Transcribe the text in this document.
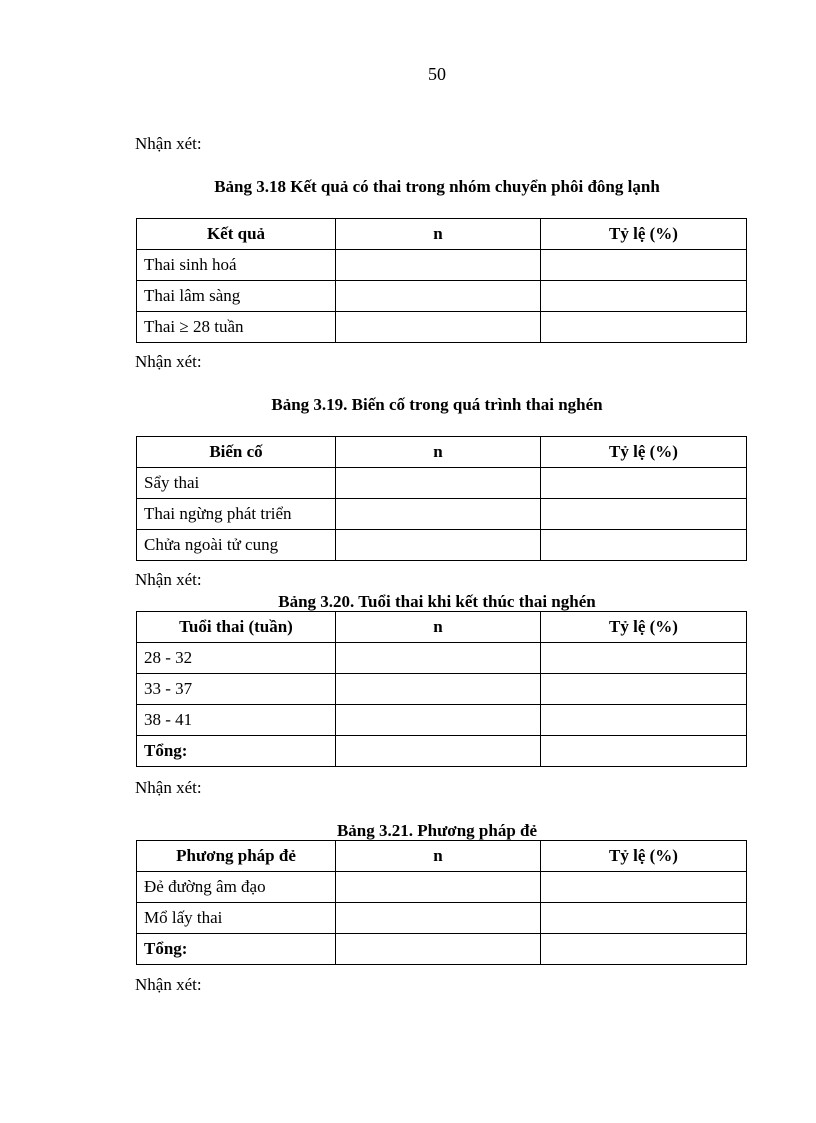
50
Nhận xét:
Bảng 3.18 Kết quả có thai trong nhóm chuyển phôi đông lạnh
Kết quả	n	Tỷ lệ (%)
Thai sinh hoá		
Thai lâm sàng		
Thai ≥ 28 tuần		
Nhận xét:
Bảng 3.19. Biến cố trong quá trình thai nghén
Biến cố	n	Tỷ lệ (%)
Sẩy thai		
Thai ngừng phát triển		
Chửa ngoài tử cung		
Nhận xét:
Bảng 3.20. Tuổi thai khi kết thúc thai nghén
Tuổi thai (tuần)	n	Tỷ lệ (%)
28 - 32		
33 - 37		
38 - 41		
Tổng:		
Nhận xét:
Bảng 3.21. Phương pháp đẻ
Phương pháp đẻ	n	Tỷ lệ (%)
Đẻ đường âm đạo		
Mổ lấy thai		
Tổng:		
Nhận xét:
